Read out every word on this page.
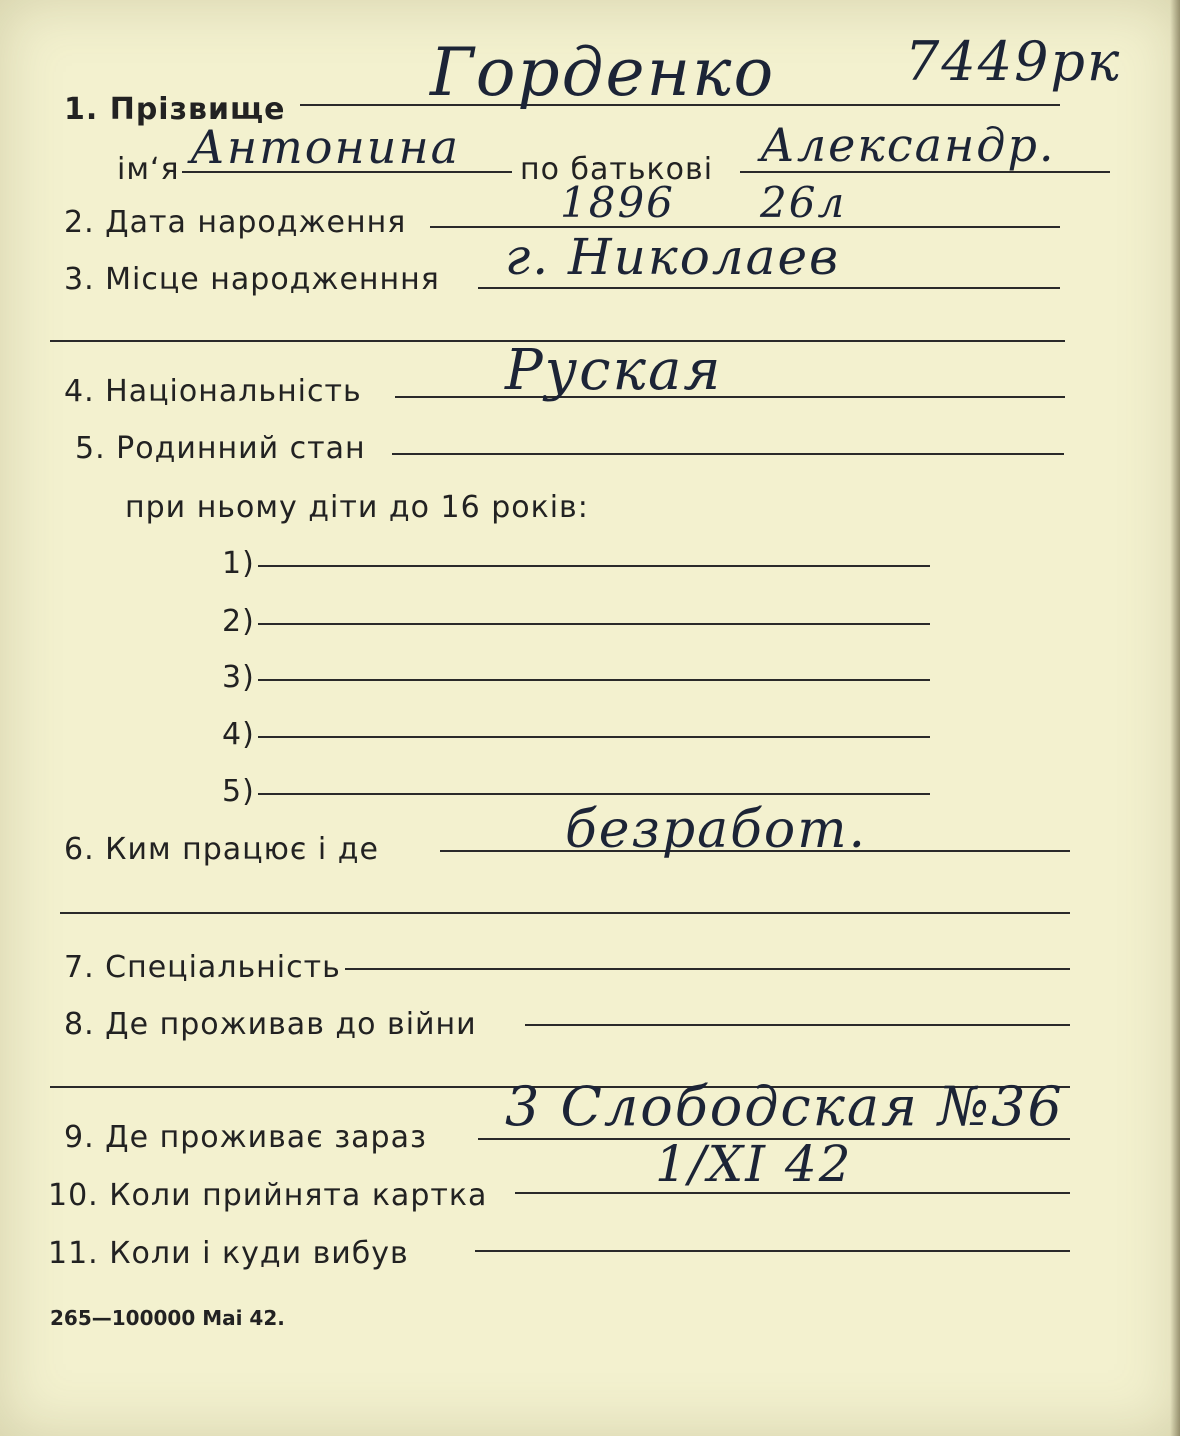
1. Прізвище Горденко 7449рк
ім‘я Антонина по батькові Александр.
2. Дата народження	1896 26л
3. Місце народженння г. Николаев
4. Національність	Руская
5. Родинний стан
при ньому діти до 16 років:
1)
2)
3)
4)
5)
6. Ким працює і де	безработ.
7. Спеціальність
8. Де проживав до війни
9. Де проживає зараз 3 Слободская №36
10. Коли прийнята картка
1/XI 42
11. Коли і куди вибув
265—100000 Mai 42.
